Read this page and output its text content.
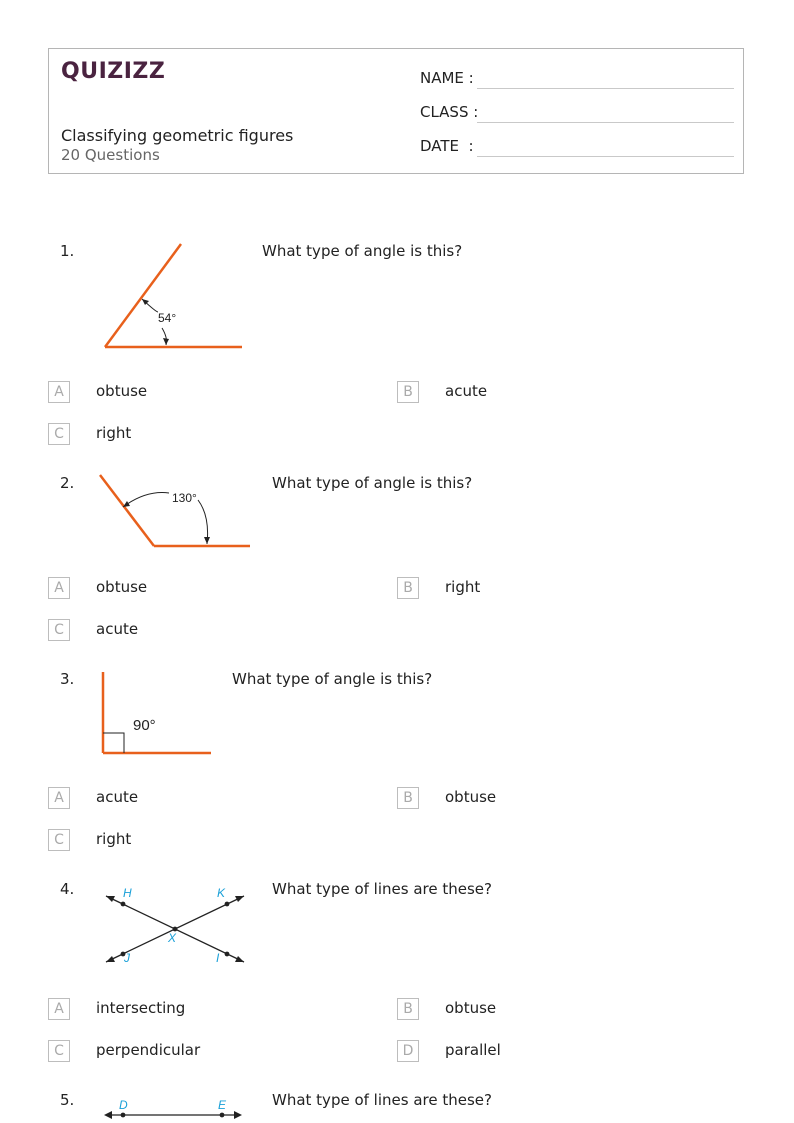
QUIZIZZ
Classifying geometric figures
20 Questions
NAME :
CLASS :
DATE  :
1.	What type of angle is this?
54°
A	obtuse	B	acute
C	right
2.	What type of angle is this?
130°
A	obtuse	B	right
C	acute
3.	What type of angle is this?
90°
A	acute	B	obtuse
C	right
4.	What type of lines are these?
H	K
X
J	I
A	intersecting	B	obtuse
C	perpendicular	D	parallel
5.	What type of lines are these?
D	E
